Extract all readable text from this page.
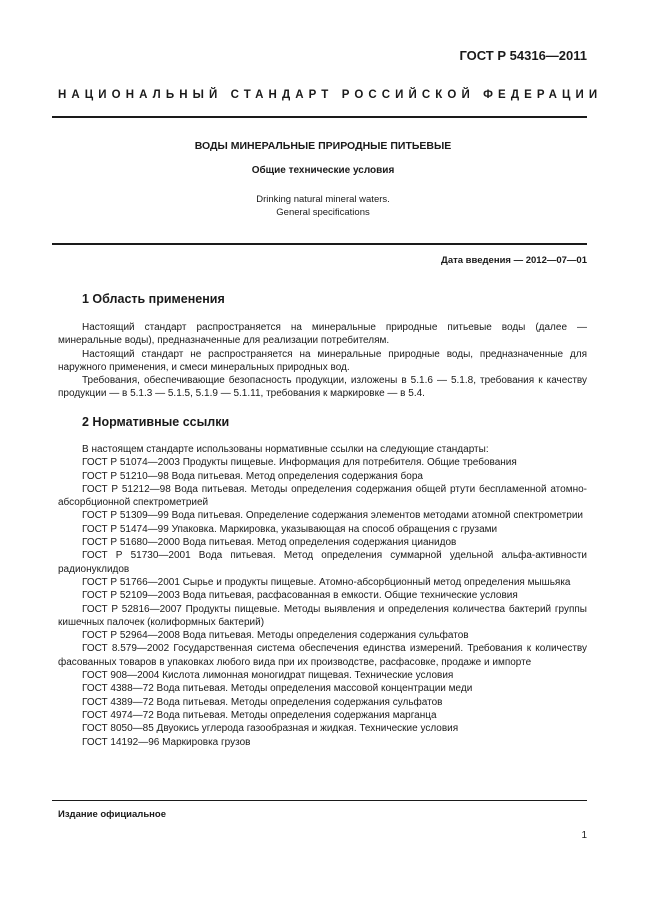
ГОСТ Р 54316—2011
НАЦИОНАЛЬНЫЙ СТАНДАРТ РОССИЙСКОЙ ФЕДЕРАЦИИ
ВОДЫ МИНЕРАЛЬНЫЕ ПРИРОДНЫЕ ПИТЬЕВЫЕ
Общие технические условия
Drinking natural mineral waters.
General specifications
Дата введения — 2012—07—01
1 Область применения

Настоящий стандарт распространяется на минеральные природные питьевые воды (далее — минеральные воды), предназначенные для реализации потребителям.

Настоящий стандарт не распространяется на минеральные природные воды, предназначенные для наружного применения, и смеси минеральных природных вод.

Требования, обеспечивающие безопасность продукции, изложены в 5.1.6 — 5.1.8, требования к качеству продукции — в 5.1.3 — 5.1.5, 5.1.9 — 5.1.11, требования к маркировке — в 5.4.

2 Нормативные ссылки

В настоящем стандарте использованы нормативные ссылки на следующие стандарты:

ГОСТ Р 51074—2003 Продукты пищевые. Информация для потребителя. Общие требования

ГОСТ Р 51210—98 Вода питьевая. Метод определения содержания бора

ГОСТ Р 51212—98 Вода питьевая. Методы определения содержания общей ртути беспламенной атомно-абсорбционной спектрометрией

ГОСТ Р 51309—99 Вода питьевая. Определение содержания элементов методами атомной спектрометрии

ГОСТ Р 51474—99 Упаковка. Маркировка, указывающая на способ обращения с грузами

ГОСТ Р 51680—2000 Вода питьевая. Метод определения содержания цианидов

ГОСТ Р 51730—2001 Вода питьевая. Метод определения суммарной удельной альфа-активности радионуклидов

ГОСТ Р 51766—2001 Сырье и продукты пищевые. Атомно-абсорбционный метод определения мышьяка

ГОСТ Р 52109—2003 Вода питьевая, расфасованная в емкости. Общие технические условия

ГОСТ Р 52816—2007 Продукты пищевые. Методы выявления и определения количества бактерий группы кишечных палочек (колиформных бактерий)

ГОСТ Р 52964—2008 Вода питьевая. Методы определения содержания сульфатов

ГОСТ 8.579—2002 Государственная система обеспечения единства измерений. Требования к количеству фасованных товаров в упаковках любого вида при их производстве, расфасовке, продаже и импорте

ГОСТ 908—2004 Кислота лимонная моногидрат пищевая. Технические условия

ГОСТ 4388—72 Вода питьевая. Методы определения массовой концентрации меди

ГОСТ 4389—72 Вода питьевая. Методы определения содержания сульфатов

ГОСТ 4974—72 Вода питьевая. Методы определения содержания марганца

ГОСТ 8050—85 Двуокись углерода газообразная и жидкая. Технические условия

ГОСТ 14192—96 Маркировка грузов

Издание официальное
1
